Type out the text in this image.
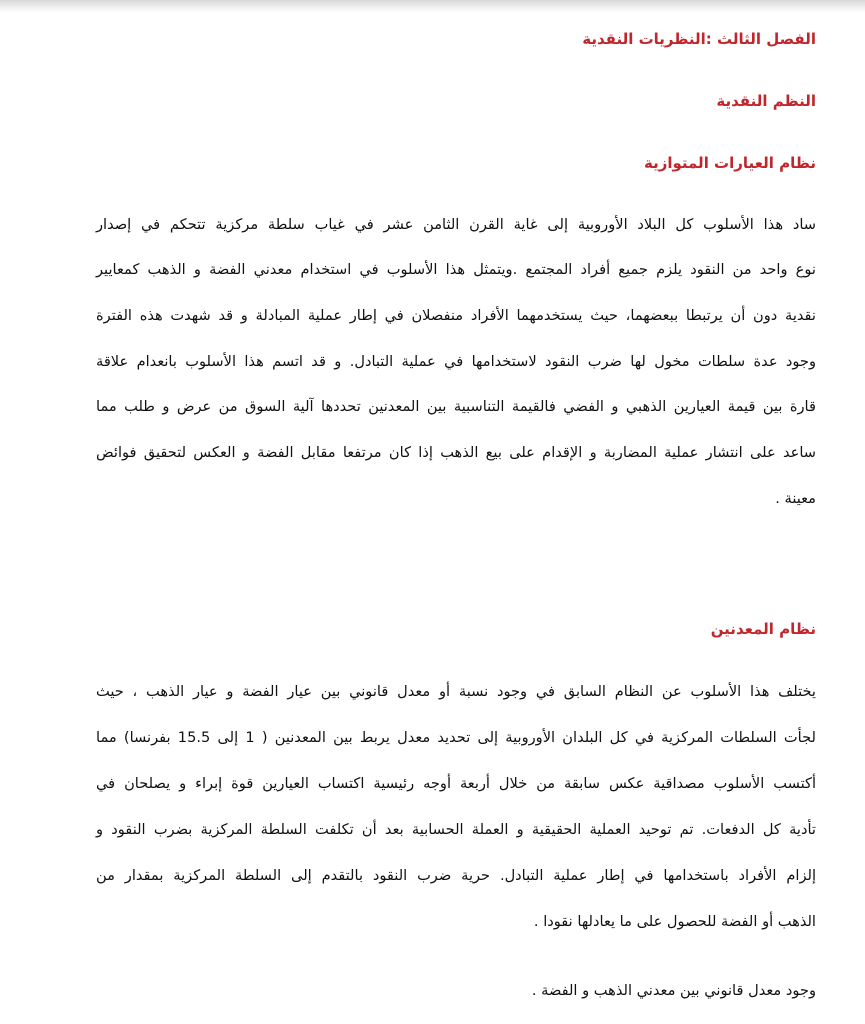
الفصل الثالث :النظريات النقدية
النظم النقدية
نظام العيارات المتوازية
ساد هذا الأسلوب كل البلاد الأوروبية إلى غاية القرن الثامن عشر في غياب سلطة مركزية تتحكم في إصدار
نوع واحد من النقود يلزم جميع أفراد المجتمع .ويتمثل هذا الأسلوب في استخدام معدني الفضة و الذهب كمعايير
نقدية دون أن يرتبطا ببعضهما، حيث يستخدمهما الأفراد منفصلان في إطار عملية المبادلة و قد شهدت هذه الفترة
وجود عدة سلطات مخول لها ضرب النقود لاستخدامها في عملية التبادل. و قد اتسم هذا الأسلوب بانعدام علاقة
قارة بين قيمة العيارين الذهبي و الفضي فالقيمة التناسبية بين المعدنين تحددها آلية السوق من عرض و طلب مما
ساعد على انتشار عملية المضاربة و الإقدام على بيع الذهب إذا كان مرتفعا مقابل الفضة و العكس لتحقيق فوائض
معينة .
نظام المعدنين
يختلف هذا الأسلوب عن النظام السابق في وجود نسبة أو معدل قانوني بين عيار الفضة و عيار الذهب ، حيث
لجأت السلطات المركزية في كل البلدان الأوروبية إلى تحديد معدل يربط بين المعدنين ( 1 إلى 15.5 بفرنسا) مما
أكتسب الأسلوب مصداقية عكس سابقة من خلال أربعة أوجه رئيسية اكتساب العيارين قوة إبراء و يصلحان في
تأدية كل الدفعات. تم توحيد العملية الحقيقية و العملة الحسابية بعد أن تكلفت السلطة المركزية بضرب النقود و
إلزام الأفراد باستخدامها في إطار عملية التبادل. حرية ضرب النقود بالتقدم إلى السلطة المركزية بمقدار من
الذهب أو الفضة للحصول على ما يعادلها نقودا .
وجود معدل قانوني بين معدني الذهب و الفضة .
